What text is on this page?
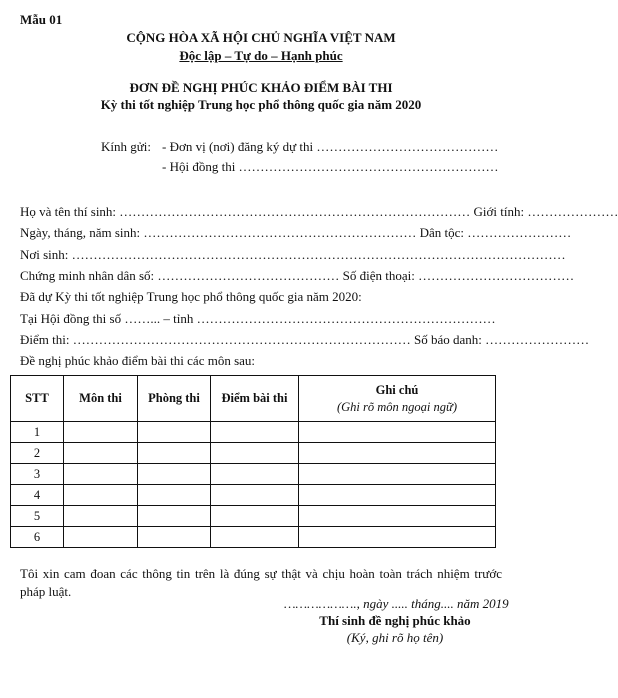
Mẫu 01
CỘNG HÒA XÃ HỘI CHỦ NGHĨA VIỆT NAM
Độc lập – Tự do – Hạnh phúc
ĐƠN ĐỀ NGHỊ PHÚC KHẢO ĐIỂM BÀI THI
Kỳ thi tốt nghiệp Trung học phổ thông quốc gia năm 2020
Kính gửi: - Đơn vị (nơi) đăng ký dự thi ……………………………………
- Hội đồng thi ……………………………………………………
Họ và tên thí sinh: ……………………………………………………………………… Giới tính: …………………
Ngày, tháng, năm sinh: ……………………………………………………… Dân tộc: ……………………
Nơi sinh: ……………………………………………………………………………………………………
Chứng minh nhân dân số: …………………………………… Số điện thoại: ………………………………
Đã dự Kỳ thi tốt nghiệp Trung học phổ thông quốc gia năm 2020:
Tại Hội đồng thi số ……... – tỉnh ……………………………………………………………
Điểm thi: …………………………………………………………………… Số báo danh: ……………………
Đề nghị phúc khảo điểm bài thi các môn sau:
STT	Môn thi	Phòng thi	Điểm bài thi	Ghi chú
(Ghi rõ môn ngoại ngữ)

1				
2				
3				
4				
5				
6				
Tôi xin cam đoan các thông tin trên là đúng sự thật và chịu hoàn toàn trách nhiệm trước pháp luật.
………………., ngày ..... tháng.... năm 2019
Thí sinh đề nghị phúc khảo
(Ký, ghi rõ họ tên)
